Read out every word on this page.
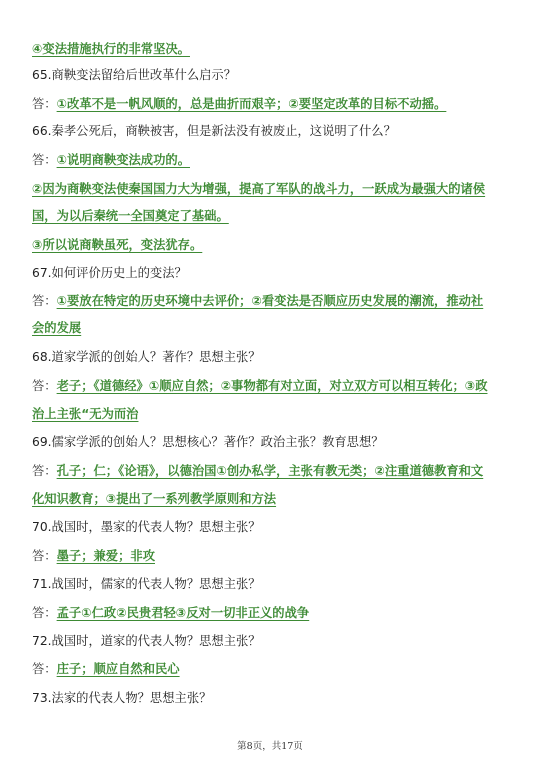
④变法措施执行的非常坚决。
65.商鞅变法留给后世改革什么启示？
答：①改革不是一帆风顺的，总是曲折而艰辛；②要坚定改革的目标不动摇。
66.秦孝公死后，商鞅被害，但是新法没有被废止，这说明了什么？
答：①说明商鞅变法成功的。
②因为商鞅变法使秦国国力大为增强，提高了军队的战斗力，一跃成为最强大的诸侯
国，为以后秦统一全国奠定了基础。
③所以说商鞅虽死，变法犹存。
67.如何评价历史上的变法？
答：①要放在特定的历史环境中去评价；②看变法是否顺应历史发展的潮流，推动社
会的发展
68.道家学派的创始人？著作？思想主张？
答：老子；《道德经》①顺应自然；②事物都有对立面，对立双方可以相互转化；③政
治上主张“无为而治
69.儒家学派的创始人？思想核心？著作？政治主张？教育思想？
答：孔子；仁；《论语》，以德治国①创办私学，主张有教无类；②注重道德教育和文
化知识教育；③提出了一系列教学原则和方法
70.战国时，墨家的代表人物？思想主张？
答：墨子；兼爱；非攻
71.战国时，儒家的代表人物？思想主张？
答：孟子①仁政②民贵君轻③反对一切非正义的战争
72.战国时，道家的代表人物？思想主张？
答：庄子；顺应自然和民心
73.法家的代表人物？思想主张？
第8页，共17页
